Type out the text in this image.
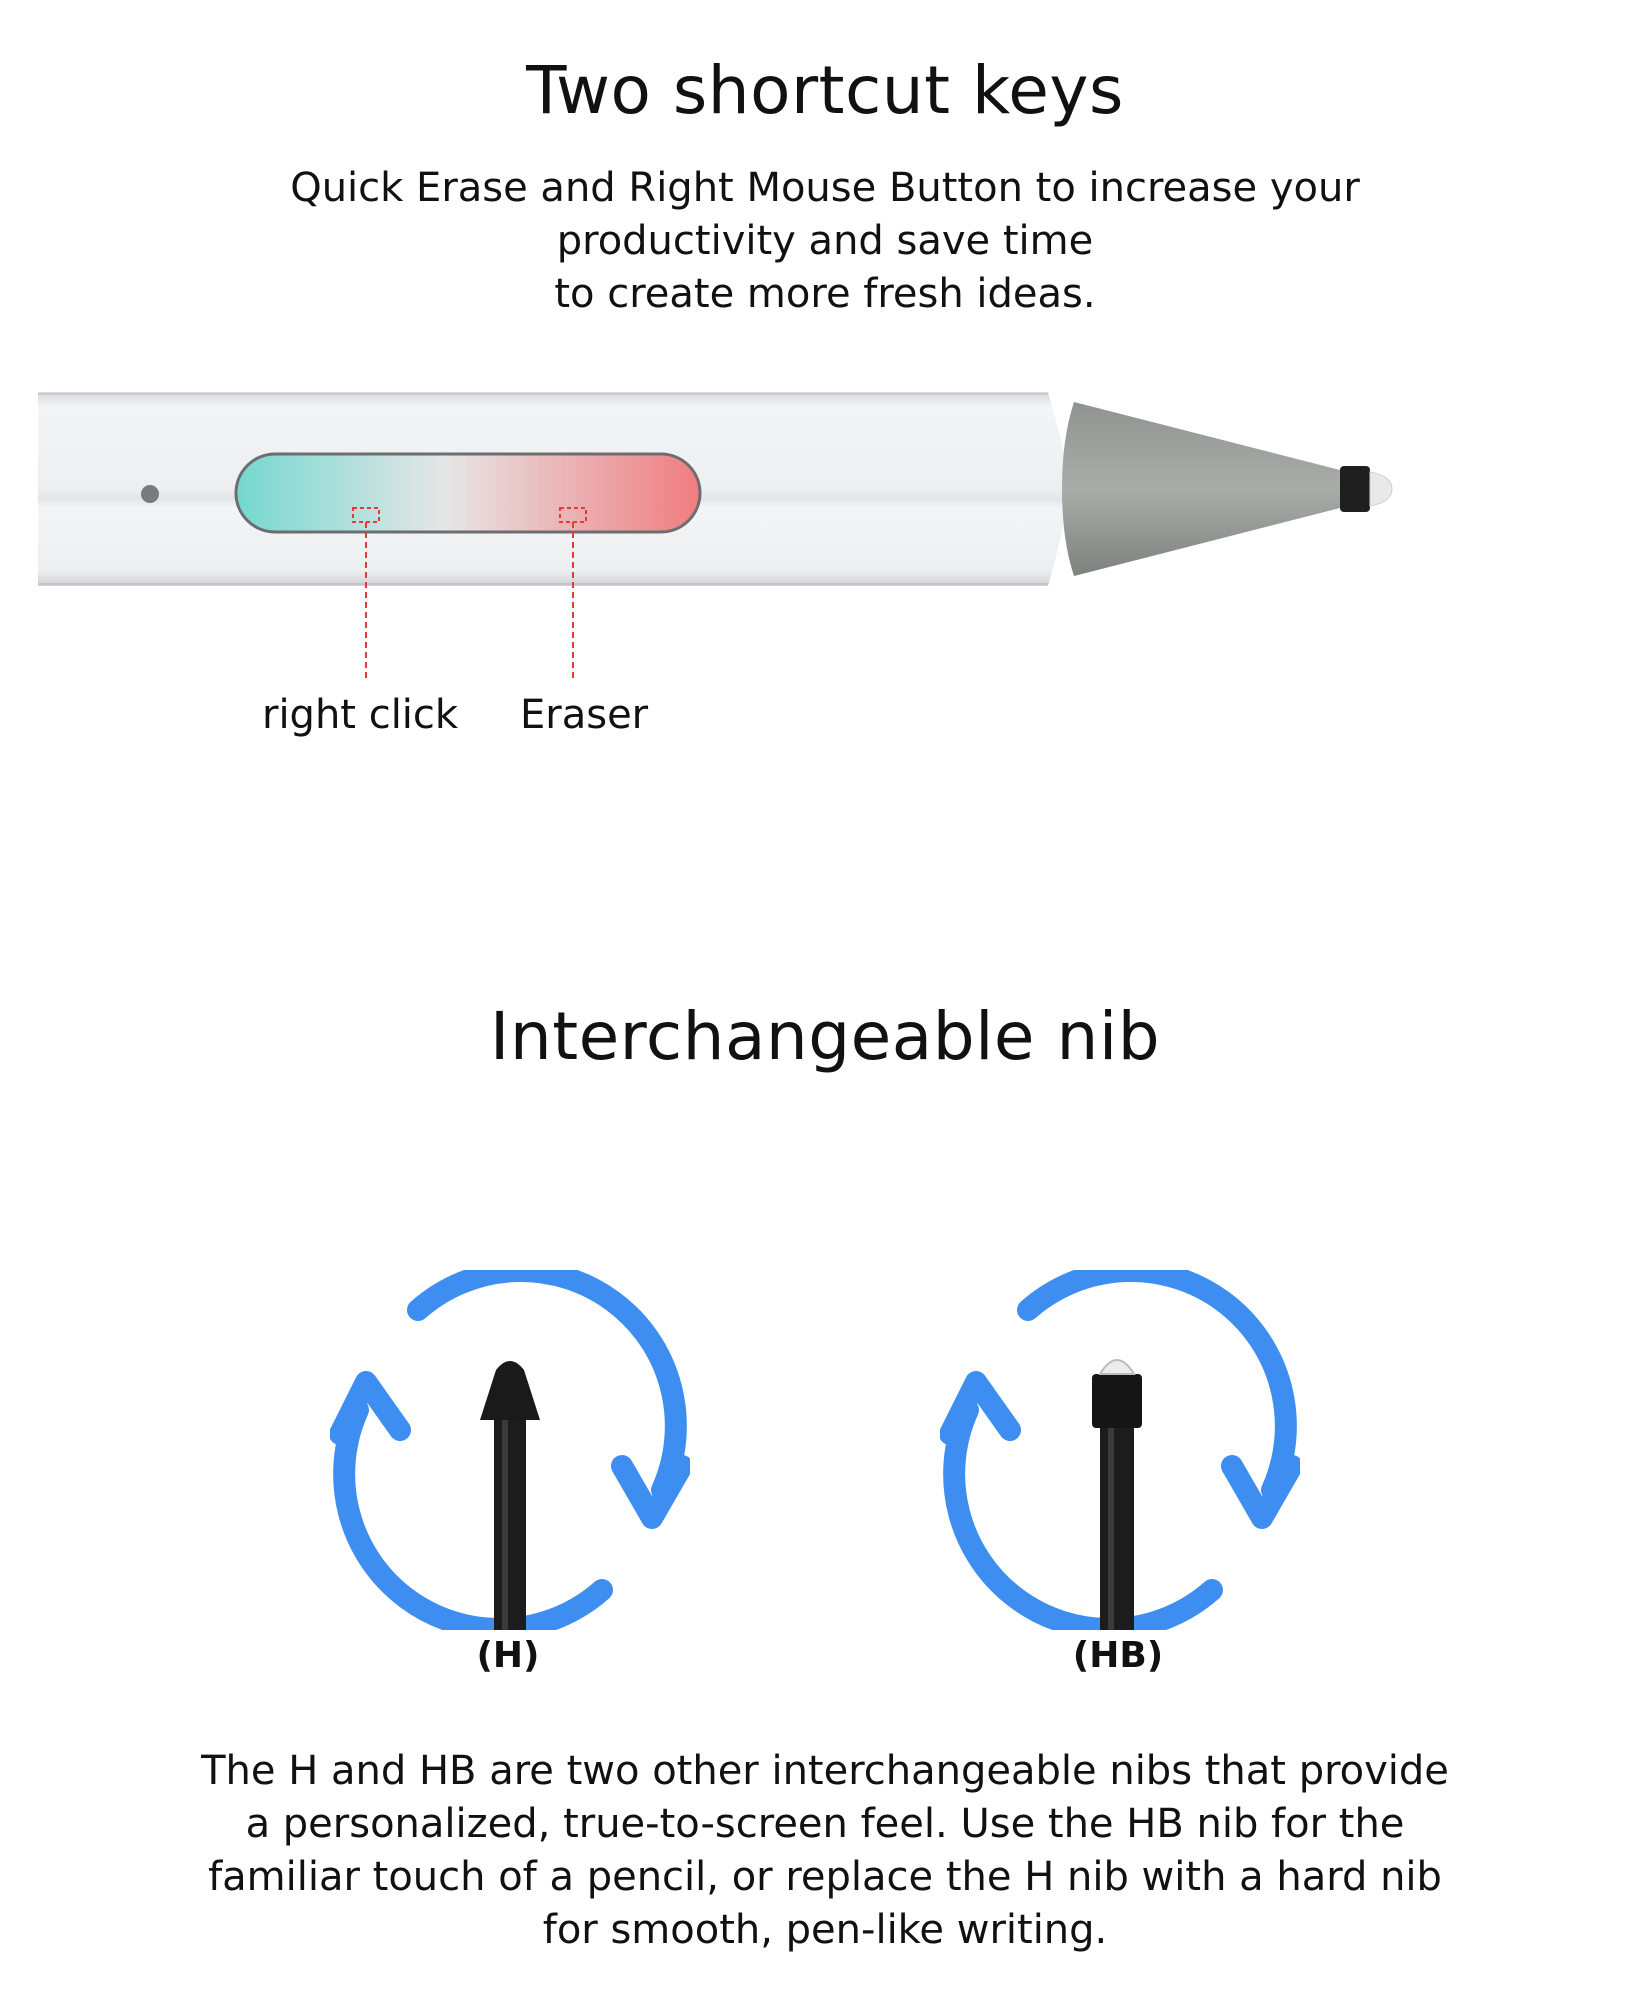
Two shortcut keys

Quick Erase and Right Mouse Button to increase your
productivity and save time
to create more fresh ideas.

right click Eraser
Interchangeable nib
(H)	(HB)

The H and HB are two other interchangeable nibs that provide
a personalized, true-to-screen feel. Use the HB nib for the
familiar touch of a pencil, or replace the H nib with a hard nib
for smooth, pen-like writing.
